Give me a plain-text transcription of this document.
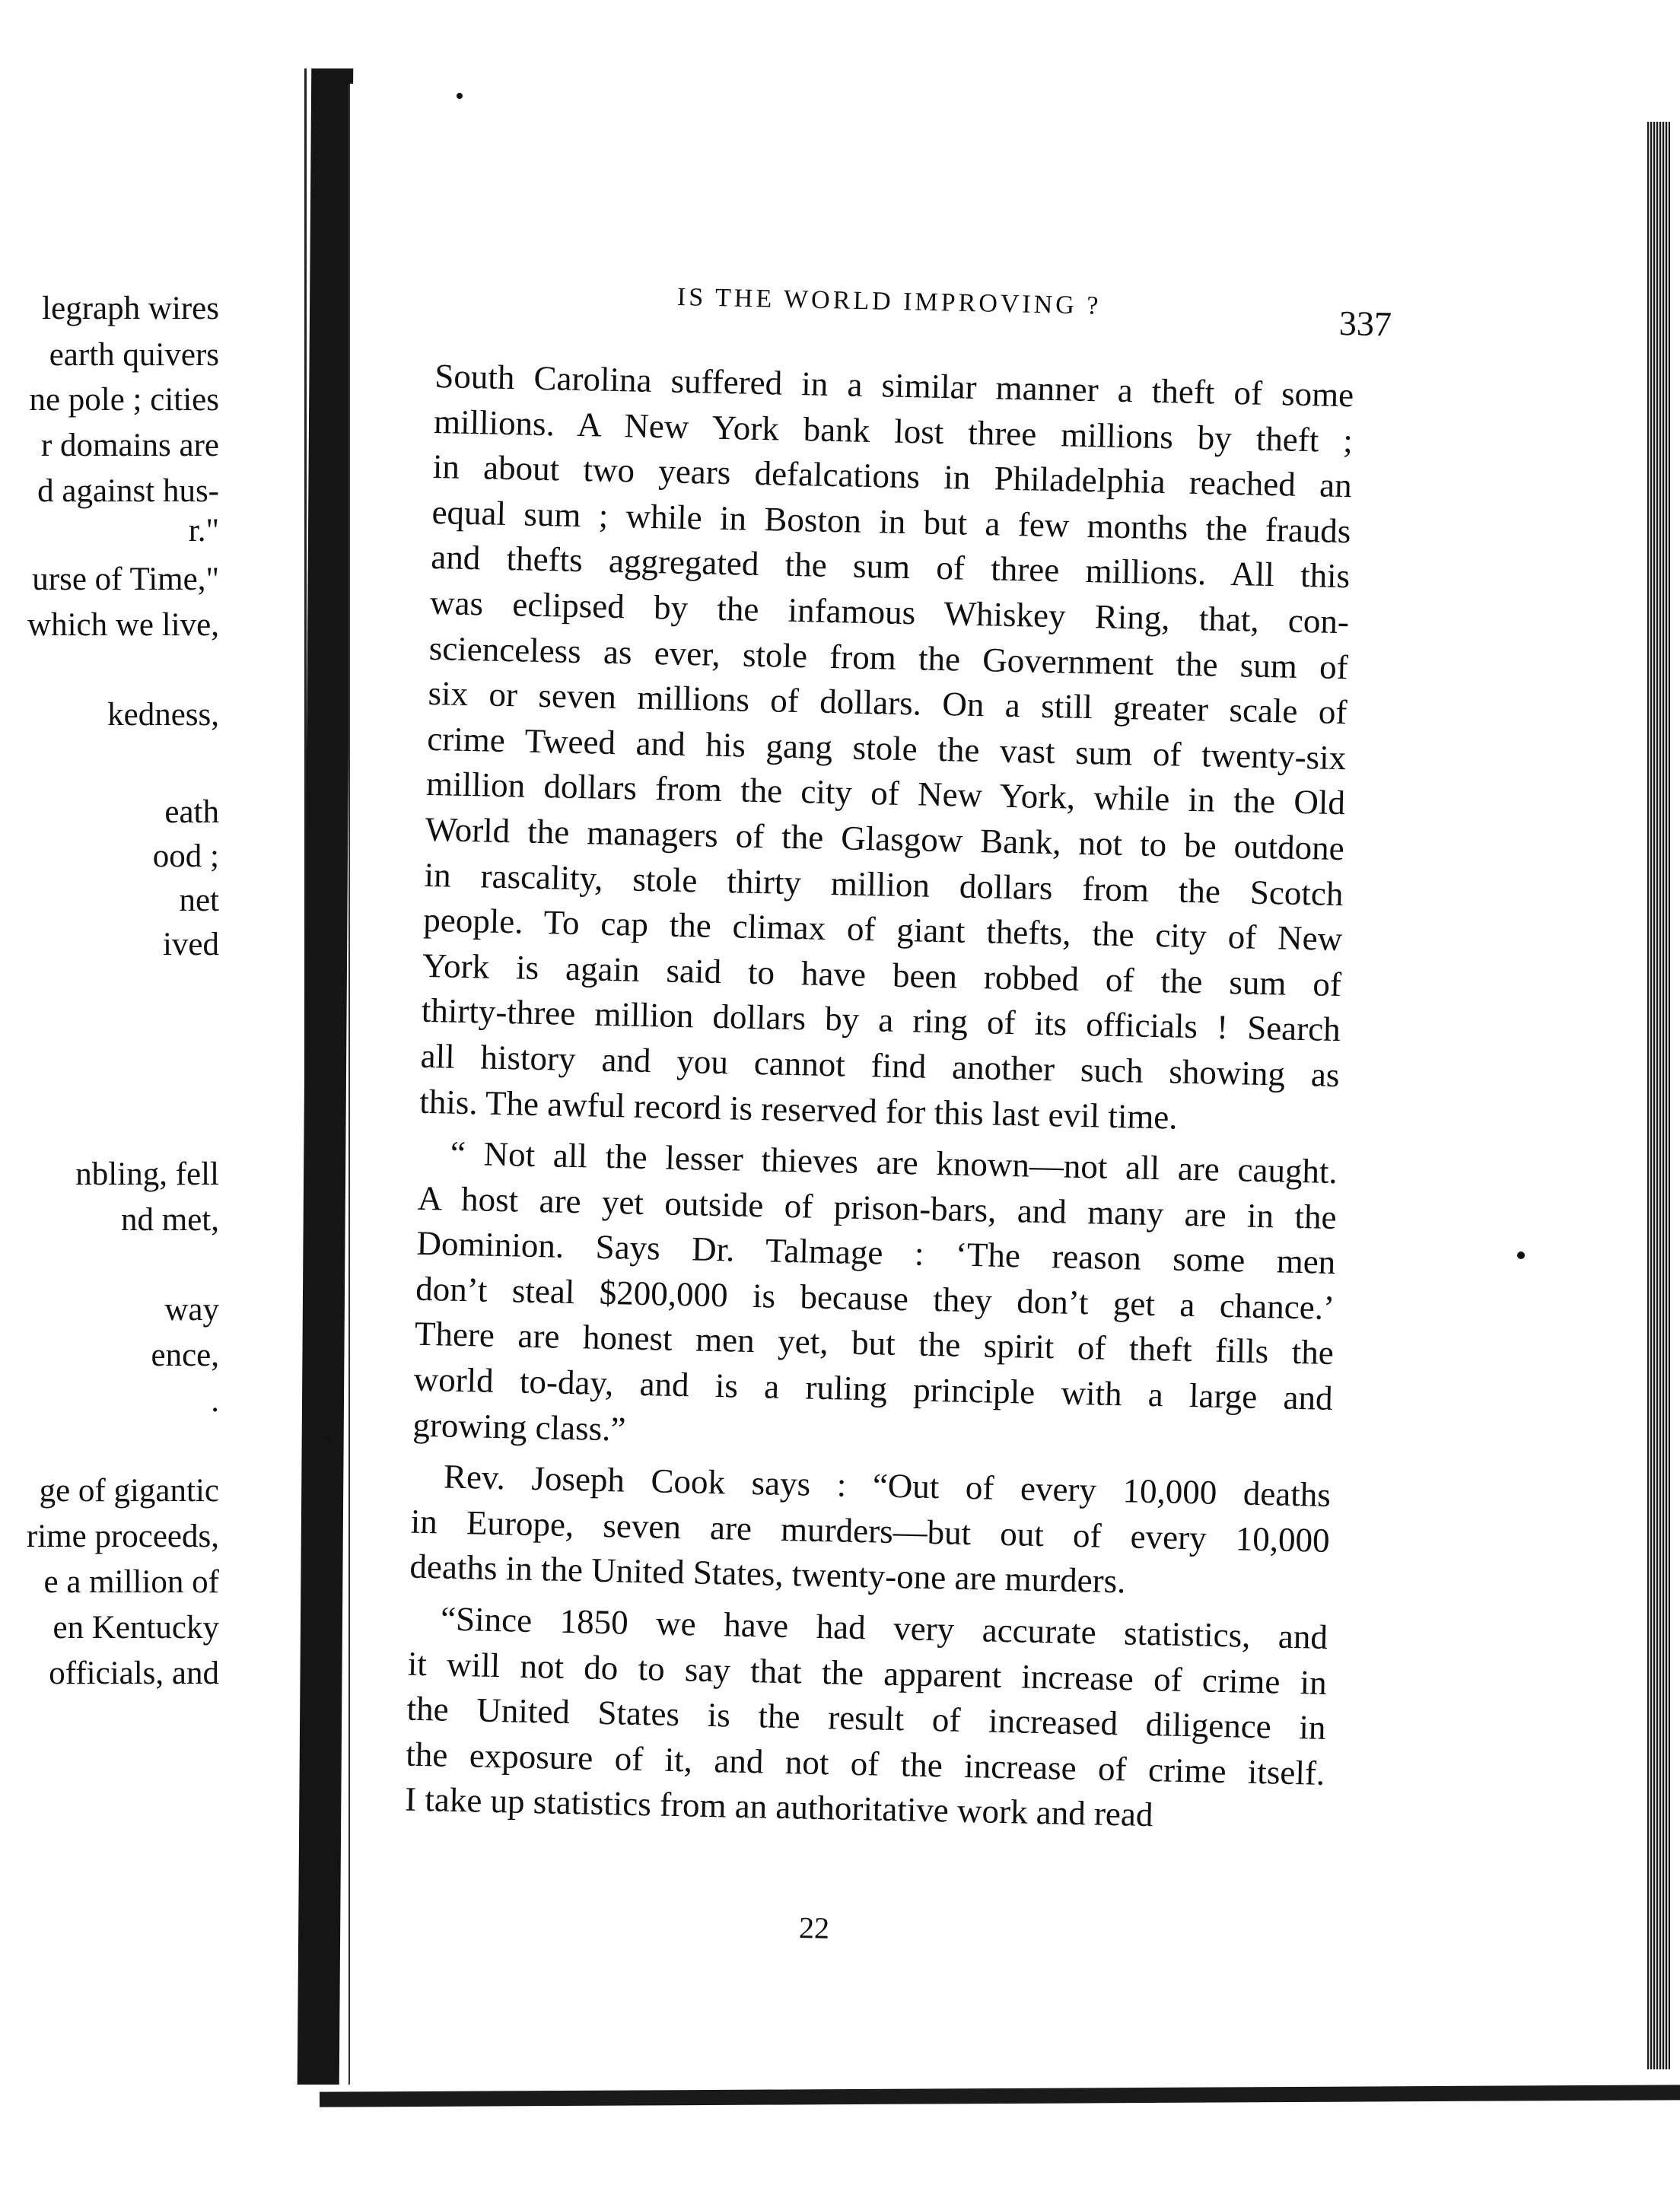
legraph wires
earth quivers
ne pole ; cities
r domains are
d against hus-
r."
urse of Time,"
which we live,
kedness,
eath
ood ;
net
ived
nbling, fell
nd met,
way
ence,
.
ge of gigantic
rime proceeds,
e a million of
en Kentucky
officials, and
IS THE WORLD IMPROVING ?
337
South Carolina suffered in a similar manner a theft of some
millions. A New York bank lost three millions by theft ;
in about two years defalcations in Philadelphia reached an
equal sum ; while in Boston in but a few months the frauds
and thefts aggregated the sum of three millions. All this
was eclipsed by the infamous Whiskey Ring, that, con-
scienceless as ever, stole from the Government the sum of
six or seven millions of dollars. On a still greater scale of
crime Tweed and his gang stole the vast sum of twenty-six
million dollars from the city of New York, while in the Old
World the managers of the Glasgow Bank, not to be outdone
in rascality, stole thirty million dollars from the Scotch
people. To cap the climax of giant thefts, the city of New
York is again said to have been robbed of the sum of
thirty-three million dollars by a ring of its officials ! Search
all history and you cannot find another such showing as
this. The awful record is reserved for this last evil time.
“ Not all the lesser thieves are known—not all are caught.
A host are yet outside of prison-bars, and many are in the
Dominion. Says Dr. Talmage : ‘The reason some men
don’t steal $200,000 is because they don’t get a chance.’
There are honest men yet, but the spirit of theft fills the
world to-day, and is a ruling principle with a large and
growing class.”
Rev. Joseph Cook says : “Out of every 10,000 deaths
in Europe, seven are murders—but out of every 10,000
deaths in the United States, twenty-one are murders.
“Since 1850 we have had very accurate statistics, and
it will not do to say that the apparent increase of crime in
the United States is the result of increased diligence in
the exposure of it, and not of the increase of crime itself.
I take up statistics from an authoritative work and read
22
